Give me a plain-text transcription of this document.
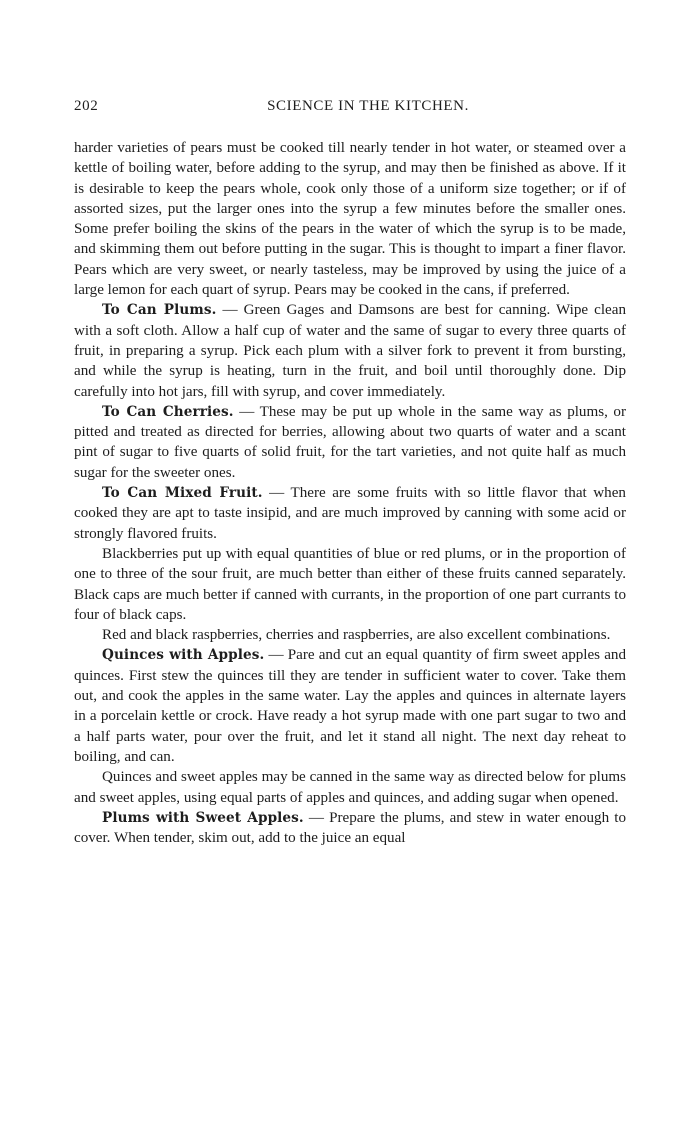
202	SCIENCE IN THE KITCHEN.

harder varieties of pears must be cooked till nearly tender in hot water, or steamed over a kettle of boiling water, before adding to the syrup, and may then be finished as above. If it is desirable to keep the pears whole, cook only those of a uniform size together; or if of assorted sizes, put the larger ones into the syrup a few minutes before the smaller ones. Some prefer boiling the skins of the pears in the water of which the syrup is to be made, and skimming them out before putting in the sugar. This is thought to impart a finer flavor. Pears which are very sweet, or nearly tasteless, may be improved by using the juice of a large lemon for each quart of syrup. Pears may be cooked in the cans, if preferred.

To Can Plums. — Green Gages and Damsons are best for canning. Wipe clean with a soft cloth. Allow a half cup of water and the same of sugar to every three quarts of fruit, in preparing a syrup. Pick each plum with a silver fork to prevent it from bursting, and while the syrup is heating, turn in the fruit, and boil until thoroughly done. Dip carefully into hot jars, fill with syrup, and cover immediately.

To Can Cherries. — These may be put up whole in the same way as plums, or pitted and treated as directed for berries, allowing about two quarts of water and a scant pint of sugar to five quarts of solid fruit, for the tart varieties, and not quite half as much sugar for the sweeter ones.

To Can Mixed Fruit. — There are some fruits with so little flavor that when cooked they are apt to taste insipid, and are much improved by canning with some acid or strongly flavored fruits.

Blackberries put up with equal quantities of blue or red plums, or in the proportion of one to three of the sour fruit, are much better than either of these fruits canned separately. Black caps are much better if canned with currants, in the proportion of one part currants to four of black caps.

Red and black raspberries, cherries and raspberries, are also excellent combinations.

Quinces with Apples. — Pare and cut an equal quantity of firm sweet apples and quinces. First stew the quinces till they are tender in sufficient water to cover. Take them out, and cook the apples in the same water. Lay the apples and quinces in alternate layers in a porcelain kettle or crock. Have ready a hot syrup made with one part sugar to two and a half parts water, pour over the fruit, and let it stand all night. The next day reheat to boiling, and can.

Quinces and sweet apples may be canned in the same way as directed below for plums and sweet apples, using equal parts of apples and quinces, and adding sugar when opened.

Plums with Sweet Apples. — Prepare the plums, and stew in water enough to cover. When tender, skim out, add to the juice an equal
